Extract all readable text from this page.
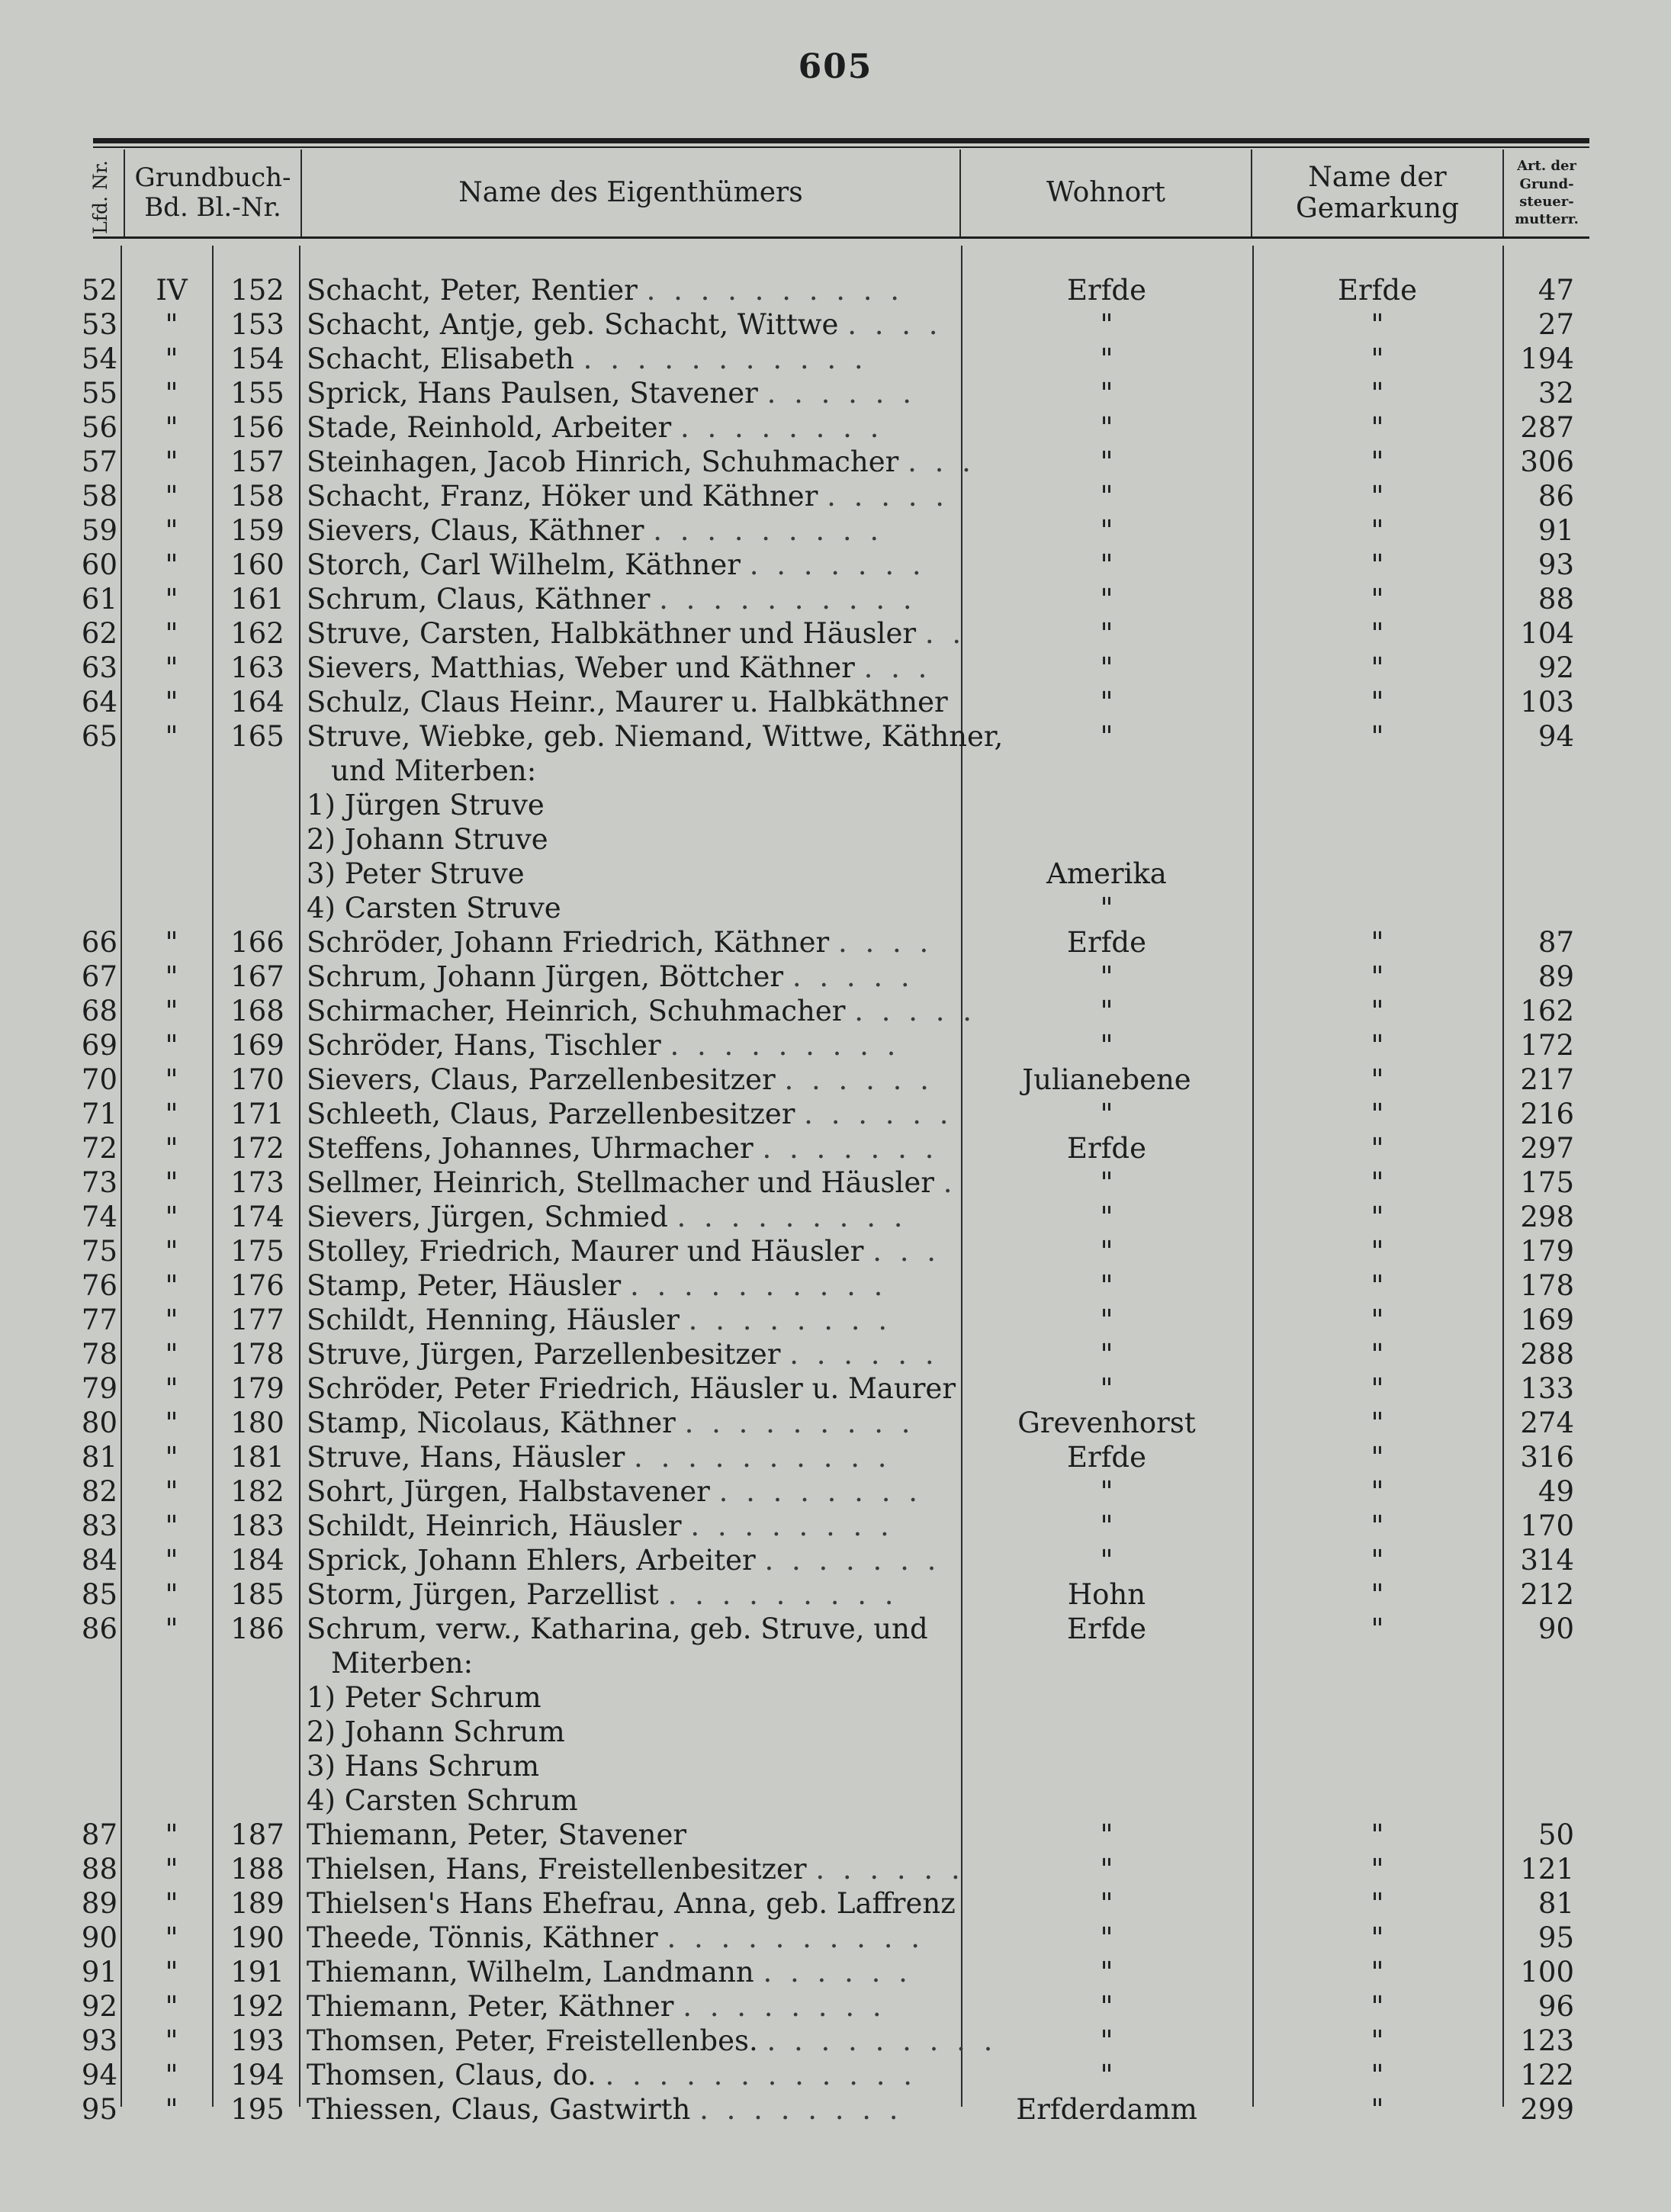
605
Lfd. Nr. Grundbuch-
Bd. Bl.-Nr.	Name des Eigenthümers	Wohnort
Name der
Gemarkung
Art. der
Grund-
steuer-
mutterr.
52	IV	152 Schacht, Peter, Rentier . . . . . . . . . .	Erfde	Erfde	47
53	"	153 Schacht, Antje, geb. Schacht, Wittwe . . . .	"	"	27
54	"	154 Schacht, Elisabeth . . . . . . . . . . .	"	"	194
55	"	155 Sprick, Hans Paulsen, Stavener . . . . . .	"	"	32
56	"	156 Stade, Reinhold, Arbeiter . . . . . . . .	"	"	287
57	"	157 Steinhagen, Jacob Hinrich, Schuhmacher . . .	"	"	306
58	"	158 Schacht, Franz, Höker und Käthner . . . . .	"	"	86
59	"	159 Sievers, Claus, Käthner . . . . . . . . .	"	"	91
60	"	160 Storch, Carl Wilhelm, Käthner . . . . . . .	"	"	93
61	"	161 Schrum, Claus, Käthner . . . . . . . . . .	"	"	88
62	"	162 Struve, Carsten, Halbkäthner und Häusler . .	"	"	104
63	"	163 Sievers, Matthias, Weber und Käthner . . .	"	"	92
64	"	164 Schulz, Claus Heinr., Maurer u. Halbkäthner	"	"	103
65	"	165 Struve, Wiebke, geb. Niemand, Wittwe, Käthner,	"	"	94
und Miterben:
1) Jürgen Struve
2) Johann Struve
3) Peter Struve	Amerika
4) Carsten Struve	"
66	"	166 Schröder, Johann Friedrich, Käthner . . . .	Erfde	"	87
67	"	167 Schrum, Johann Jürgen, Böttcher . . . . .	"	"	89
68	"	168 Schirmacher, Heinrich, Schuhmacher . . . . .	"	"	162
69	"	169 Schröder, Hans, Tischler . . . . . . . . .	"	"	172
70	"	170 Sievers, Claus, Parzellenbesitzer . . . . . .	Julianebene	"	217
71	"	171 Schleeth, Claus, Parzellenbesitzer . . . . . .	"	"	216
72	"	172 Steffens, Johannes, Uhrmacher . . . . . . .	Erfde	"	297
73	"	173 Sellmer, Heinrich, Stellmacher und Häusler .	"	"	175
74	"	174 Sievers, Jürgen, Schmied . . . . . . . . .	"	"	298
75	"	175 Stolley, Friedrich, Maurer und Häusler . . .	"	"	179
76	"	176 Stamp, Peter, Häusler . . . . . . . . . .	"	"	178
77	"	177 Schildt, Henning, Häusler . . . . . . . .	"	"	169
78	"	178 Struve, Jürgen, Parzellenbesitzer . . . . . .	"	"	288
79	"	179 Schröder, Peter Friedrich, Häusler u. Maurer	"	"	133
80	"	180 Stamp, Nicolaus, Käthner . . . . . . . . .	Grevenhorst	"	274
81	"	181 Struve, Hans, Häusler . . . . . . . . . .	Erfde	"	316
82	"	182 Sohrt, Jürgen, Halbstavener . . . . . . . .	"	"	49
83	"	183 Schildt, Heinrich, Häusler . . . . . . . .	"	"	170
84	"	184 Sprick, Johann Ehlers, Arbeiter . . . . . . .	"	"	314
85	"	185 Storm, Jürgen, Parzellist . . . . . . . . .	Hohn	"	212
86	"	186 Schrum, verw., Katharina, geb. Struve, und	Erfde	"	90
Miterben:
1) Peter Schrum
2) Johann Schrum
3) Hans Schrum
4) Carsten Schrum
87	"	187 Thiemann, Peter, Stavener	"	"	50
88	"	188 Thielsen, Hans, Freistellenbesitzer . . . . . .	"	"	121
89	"	189 Thielsen's Hans Ehefrau, Anna, geb. Laffrenz	"	"	81
90	"	190 Theede, Tönnis, Käthner . . . . . . . . . .	"	"	95
91	"	191 Thiemann, Wilhelm, Landmann . . . . . .	"	"	100
92	"	192 Thiemann, Peter, Käthner . . . . . . . .	"	"	96
93	"	193 Thomsen, Peter, Freistellenbes. . . . . . . . . .	"	"	123
94	"	194 Thomsen, Claus, do. . . . . . . . . . . . .	"	"	122
95	"	195 Thiessen, Claus, Gastwirth . . . . . . . .	Erfderdamm	"	299
